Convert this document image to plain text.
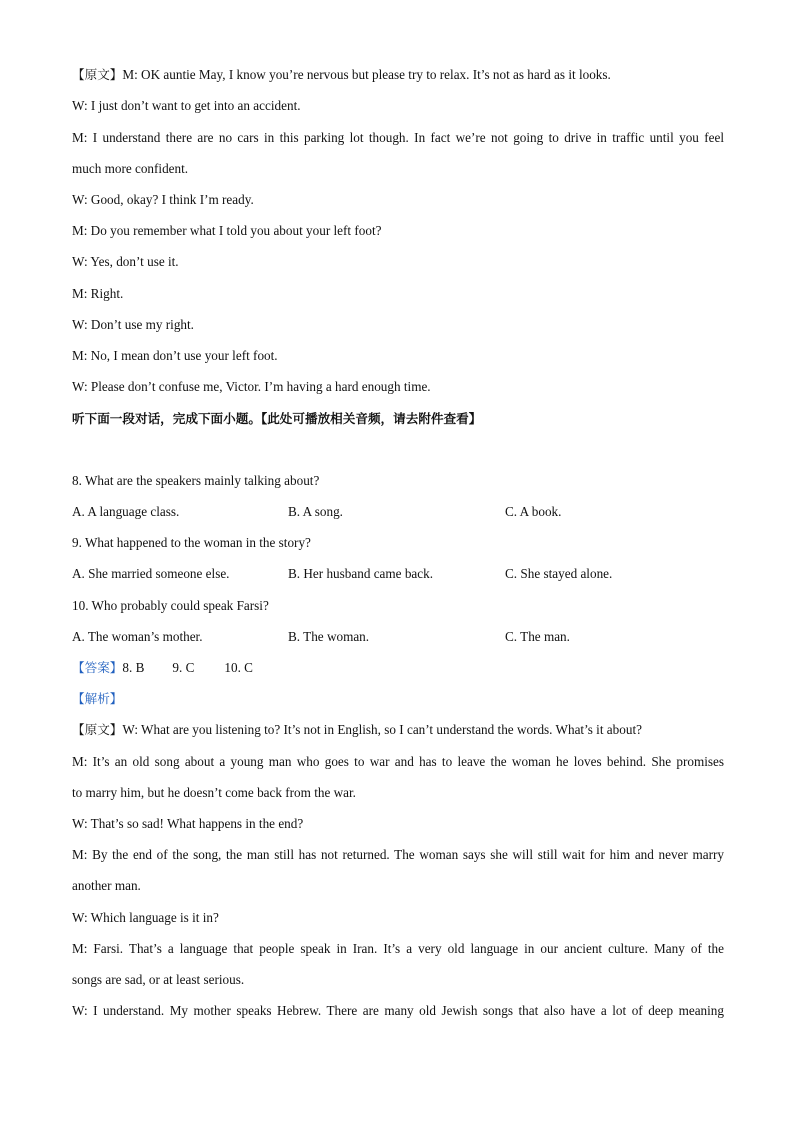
【原文】M: OK auntie May, I know you’re nervous but please try to relax. It’s not as hard as it looks.
W: I just don’t want to get into an accident.
M: I understand there are no cars in this parking lot though. In fact we’re not going to drive in traffic until you feel
much more confident.
W: Good, okay? I think I’m ready.
M: Do you remember what I told you about your left foot?
W: Yes, don’t use it.
M: Right.
W: Don’t use my right.
M: No, I mean don’t use your left foot.
W: Please don’t confuse me, Victor. I’m having a hard enough time.
听下面一段对话，完成下面小题。【此处可播放相关音频，请去附件查看】
8. What are the speakers mainly talking about?
A. A language class.	B. A song.	C. A book.
9. What happened to the woman in the story?
A. She married someone else.	B. Her husband came back.	C. She stayed alone.
10. Who probably could speak Farsi?
A. The woman’s mother.	B. The woman.	C. The man.
【答案】8. B 9. C 10. C
【解析】
【原文】W: What are you listening to? It’s not in English, so I can’t understand the words. What’s it about?
M: It’s an old song about a young man who goes to war and has to leave the woman he loves behind. She promises
to marry him, but he doesn’t come back from the war.
W: That’s so sad! What happens in the end?
M: By the end of the song, the man still has not returned. The woman says she will still wait for him and never marry
another man.
W: Which language is it in?
M: Farsi. That’s a language that people speak in Iran. It’s a very old language in our ancient culture. Many of the
songs are sad, or at least serious.
W: I understand. My mother speaks Hebrew. There are many old Jewish songs that also have a lot of deep meaning
